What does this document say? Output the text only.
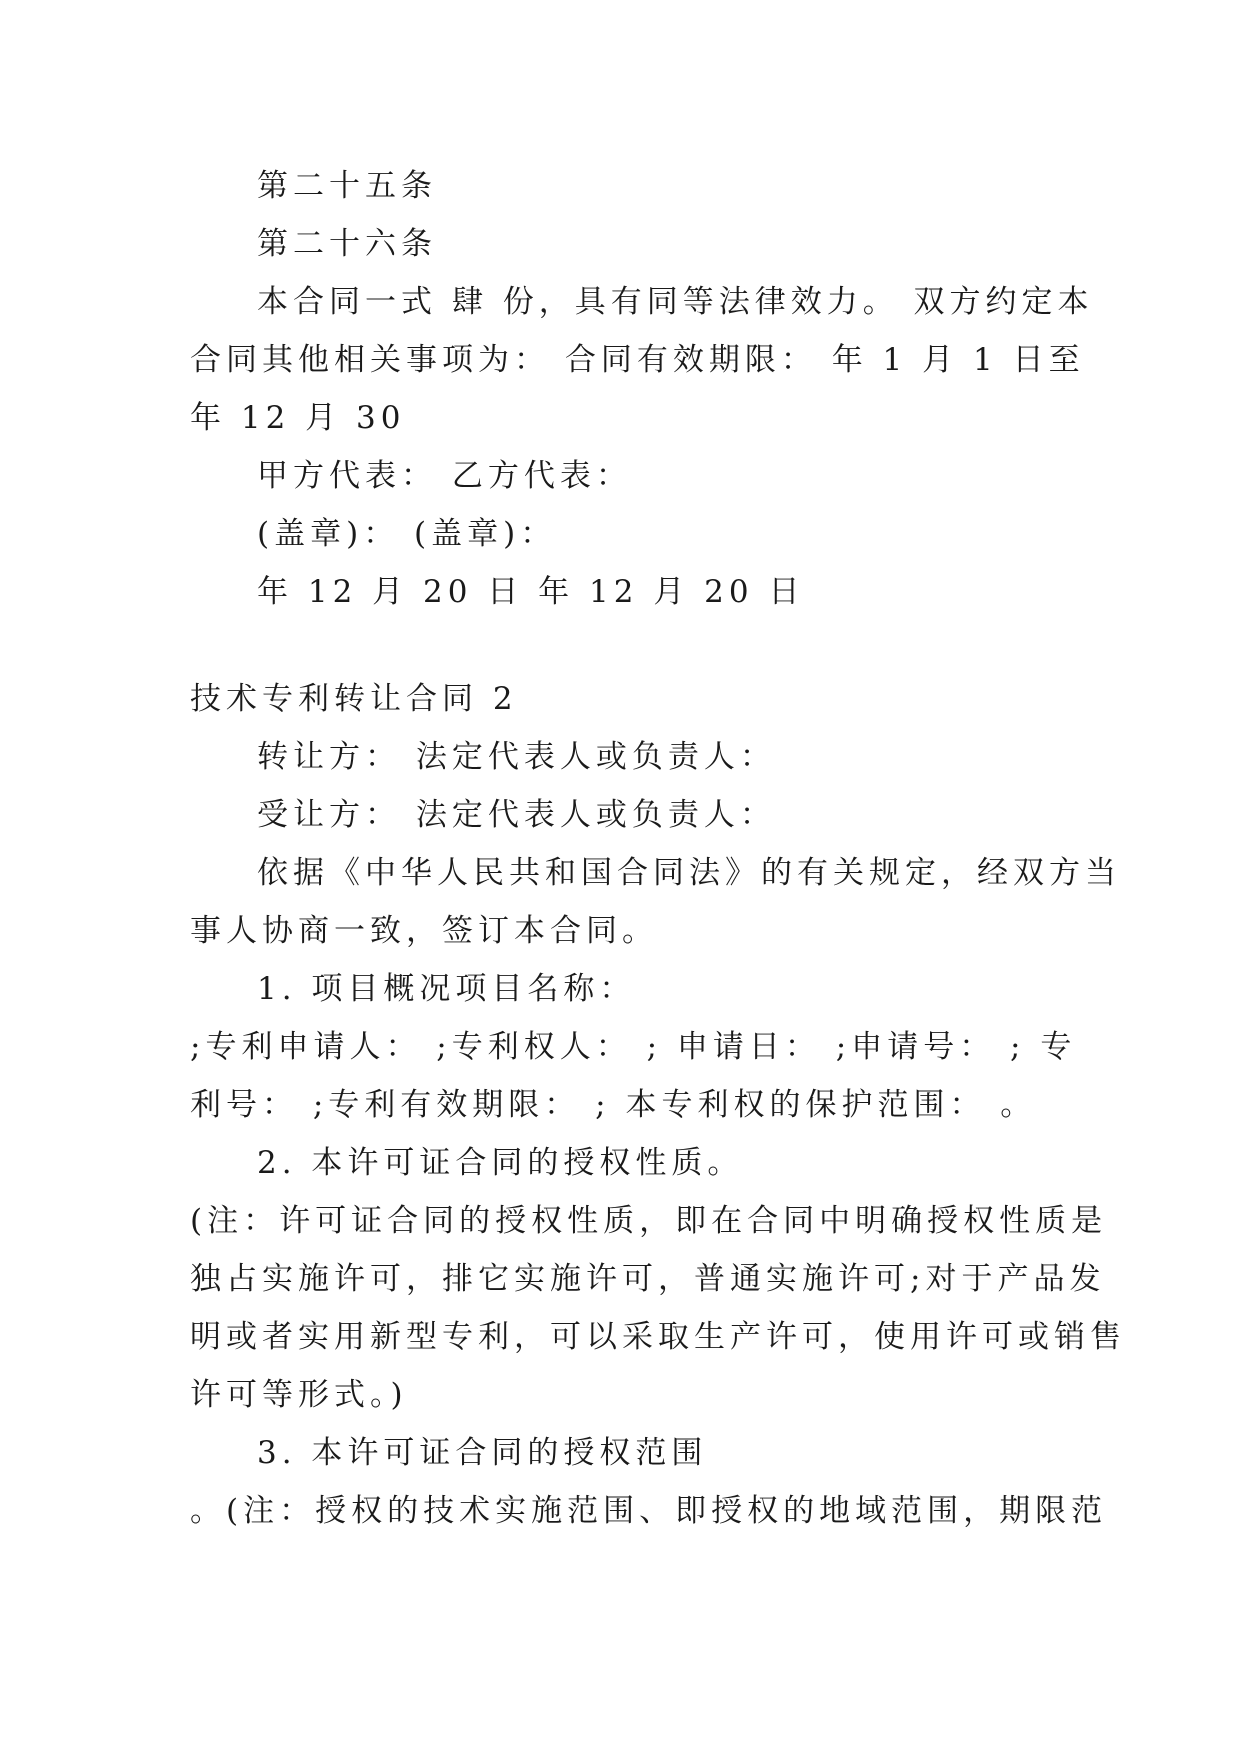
第二十五条
第二十六条
本合同一式 肆 份，具有同等法律效力。 双方约定本
合同其他相关事项为： 合同有效期限： 年 1 月 1 日至
年 12 月 30
甲方代表： 乙方代表：
(盖章)： (盖章)：
年 12 月 20 日 年 12 月 20 日
技术专利转让合同 2
转让方： 法定代表人或负责人：
受让方： 法定代表人或负责人：
依据《中华人民共和国合同法》的有关规定，经双方当
事人协商一致，签订本合同。
1. 项目概况项目名称：
;专利申请人： ;专利权人： ; 申请日： ;申请号： ; 专
利号： ;专利有效期限： ; 本专利权的保护范围： 。
2. 本许可证合同的授权性质。
(注：许可证合同的授权性质，即在合同中明确授权性质是
独占实施许可，排它实施许可，普通实施许可;对于产品发
明或者实用新型专利，可以采取生产许可，使用许可或销售
许可等形式。)
3. 本许可证合同的授权范围
。(注：授权的技术实施范围、即授权的地域范围，期限范
